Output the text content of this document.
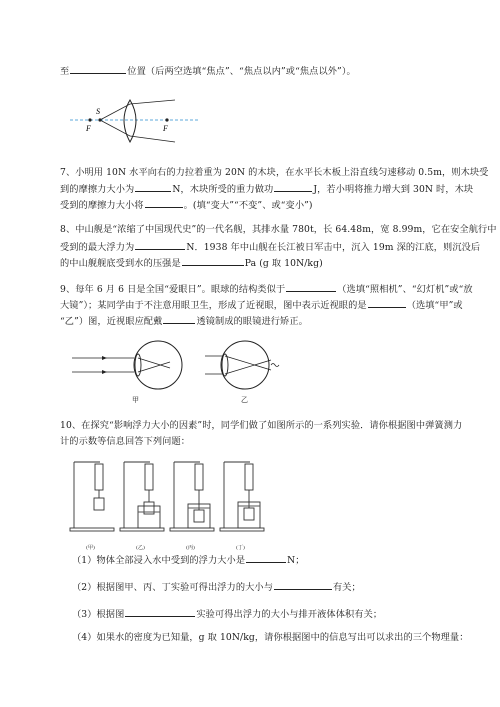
至	位置（后两空选填“焦点”、“焦点以内”或“焦点以外”）。
S
F	F
7、小明用 10N 水平向右的力拉着重为 20N 的木块，在水平长木板上沿直线匀速移动 0.5m，则木块受
到的摩擦力大小为	N，木块所受的重力做功	J，若小明将推力增大到 30N 时，木块
受到的摩擦力大小将	。(填“变大”“不变”、或“变小”)
8、中山舰是“浓缩了中国现代史”的一代名舰，其排水量 780t，长 64.48m，宽 8.99m，它在安全航行中
受到的最大浮力为	N．1938 年中山舰在长江被日军击中，沉入 19m 深的江底，则沉没后
的中山舰舰底受到水的压强是	Pa (g 取 10N/kg)
9、每年 6 月 6 日是全国“爱眼日”。眼球的结构类似于	（选填“照相机”、“幻灯机”或“放
大镜”）；某同学由于不注意用眼卫生，形成了近视眼，图中表示近视眼的是	（选填“甲”或
“乙”）图，近视眼应配戴	透镜制成的眼镜进行矫正。
甲	乙
10、在探究“影响浮力大小的因素”时，同学们做了如图所示的一系列实验．请你根据图中弹簧测力
计的示数等信息回答下列问题：
(甲)	(乙)	(丙)	(丁)
（1）物体全部浸入水中受到的浮力大小是	N；
（2）根据图甲、丙、丁实验可得出浮力的大小与	有关；
（3）根据图	实验可得出浮力的大小与排开液体体积有关；
（4）如果水的密度为已知量，g 取 10N/kg，请你根据图中的信息写出可以求出的三个物理量：
